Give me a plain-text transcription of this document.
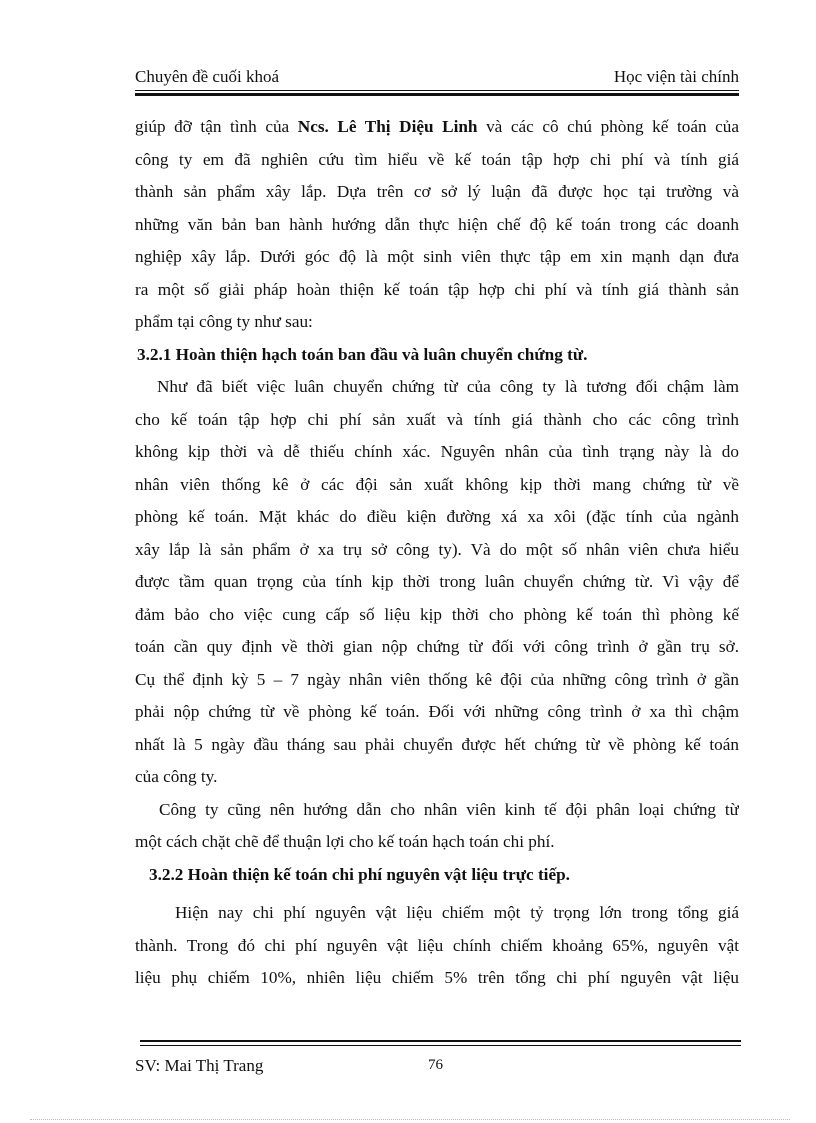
Chuyên đề cuối khoá	Học viện tài chính
giúp đỡ tận tình của Ncs. Lê Thị Diệu Linh và các cô chú phòng kế toán của
công ty em đã nghiên cứu tìm hiểu về kế toán tập hợp chi phí và tính giá
thành sản phẩm xây lắp. Dựa trên cơ sở lý luận đã được học tại trường và
những văn bản ban hành hướng dẫn thực hiện chế độ kế toán trong các doanh
nghiệp xây lắp. Dưới góc độ là một sinh viên thực tập em xin mạnh dạn đưa
ra một số giải pháp hoàn thiện kế toán tập hợp chi phí và tính giá thành sản
phẩm tại công ty như sau:
3.2.1 Hoàn thiện hạch toán ban đầu và luân chuyển chứng từ.
Như đã biết việc luân chuyển chứng từ của công ty là tương đối chậm làm
cho kế toán tập hợp chi phí sản xuất và tính giá thành cho các công trình
không kịp thời và dễ thiếu chính xác. Nguyên nhân của tình trạng này là do
nhân viên thống kê ở các đội sản xuất không kịp thời mang chứng từ về
phòng kế toán. Mặt khác do điều kiện đường xá xa xôi (đặc tính của ngành
xây lắp là sản phẩm ở xa trụ sở công ty). Và do một số nhân viên chưa hiểu
được tầm quan trọng của tính kịp thời trong luân chuyển chứng từ. Vì vậy để
đảm bảo cho việc cung cấp số liệu kịp thời cho phòng kế toán thì phòng kế
toán cần quy định về thời gian nộp chứng từ đối với công trình ở gần trụ sở.
Cụ thể định kỳ 5 – 7 ngày nhân viên thống kê đội của những công trình ở gần
phải nộp chứng từ về phòng kế toán. Đối với những công trình ở xa thì chậm
nhất là 5 ngày đầu tháng sau phải chuyển được hết chứng từ về phòng kế toán
của công ty.
Công ty cũng nên hướng dẫn cho nhân viên kinh tế đội phân loại chứng từ
một cách chặt chẽ để thuận lợi cho kế toán hạch toán chi phí.
3.2.2 Hoàn thiện kế toán chi phí nguyên vật liệu trực tiếp.
Hiện nay chi phí nguyên vật liệu chiếm một tỷ trọng lớn trong tổng giá
thành. Trong đó chi phí nguyên vật liệu chính chiếm khoảng 65%, nguyên vật
liệu phụ chiếm 10%, nhiên liệu chiếm 5% trên tổng chi phí nguyên vật liệu
SV: Mai Thị Trang	76
